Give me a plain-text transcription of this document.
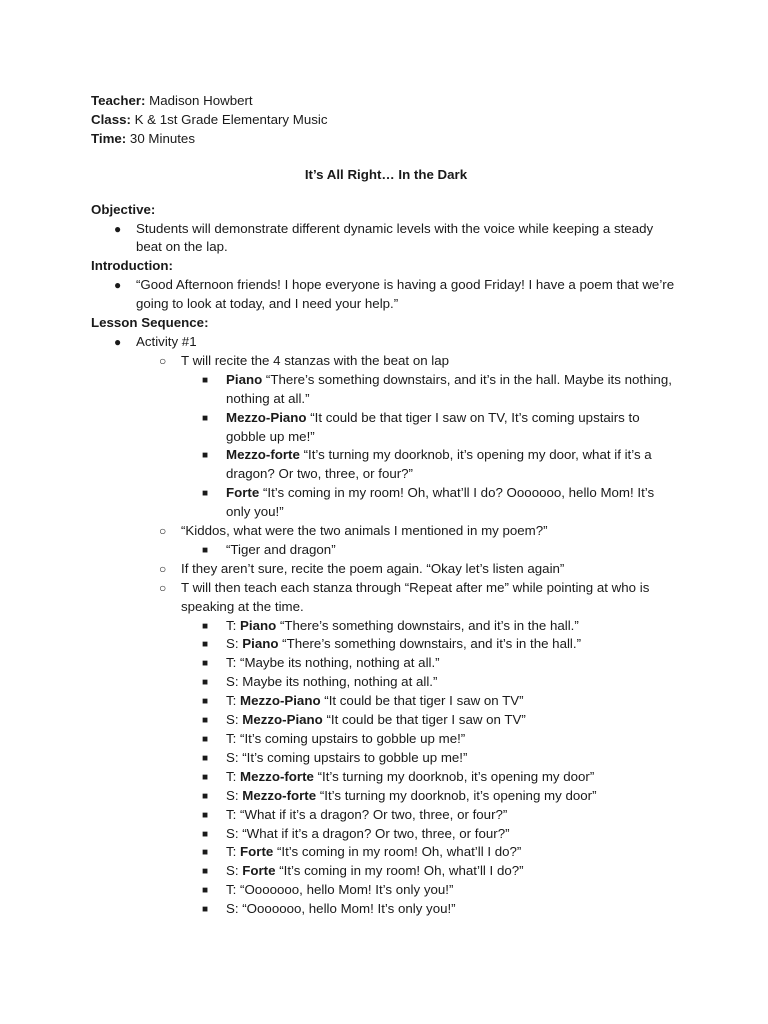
Teacher: Madison Howbert
Class: K & 1st Grade Elementary Music
Time: 30 Minutes
It’s All Right… In the Dark
Objective:
● Students will demonstrate different dynamic levels with the voice while keeping a steady beat on the lap.
Introduction:
● “Good Afternoon friends! I hope everyone is having a good Friday! I have a poem that we’re going to look at today, and I need your help.”
Lesson Sequence:
● Activity #1
○ T will recite the 4 stanzas with the beat on lap
■ Piano “There’s something downstairs, and it’s in the hall. Maybe its nothing, nothing at all.”
■ Mezzo-Piano “It could be that tiger I saw on TV, It’s coming upstairs to gobble up me!”
■ Mezzo-forte “It’s turning my doorknob, it’s opening my door, what if it’s a dragon? Or two, three, or four?”
■ Forte “It’s coming in my room! Oh, what’ll I do? Ooooooo, hello Mom! It’s only you!”
○ “Kiddos, what were the two animals I mentioned in my poem?”
■ “Tiger and dragon”
○ If they aren’t sure, recite the poem again. “Okay let’s listen again”
○ T will then teach each stanza through “Repeat after me” while pointing at who is speaking at the time.
■ T: Piano “There’s something downstairs, and it’s in the hall.”
■ S: Piano “There’s something downstairs, and it’s in the hall.”
■ T: “Maybe its nothing, nothing at all.”
■ S: Maybe its nothing, nothing at all.”
■ T: Mezzo-Piano “It could be that tiger I saw on TV”
■ S: Mezzo-Piano “It could be that tiger I saw on TV”
■ T: “It’s coming upstairs to gobble up me!”
■ S: “It’s coming upstairs to gobble up me!”
■ T: Mezzo-forte “It’s turning my doorknob, it’s opening my door”
■ S: Mezzo-forte “It’s turning my doorknob, it’s opening my door”
■ T: “What if it’s a dragon? Or two, three, or four?”
■ S: “What if it’s a dragon? Or two, three, or four?”
■ T: Forte “It’s coming in my room! Oh, what’ll I do?”
■ S: Forte “It’s coming in my room! Oh, what’ll I do?”
■ T: “Ooooooo, hello Mom! It’s only you!”
■ S: “Ooooooo, hello Mom! It’s only you!”
